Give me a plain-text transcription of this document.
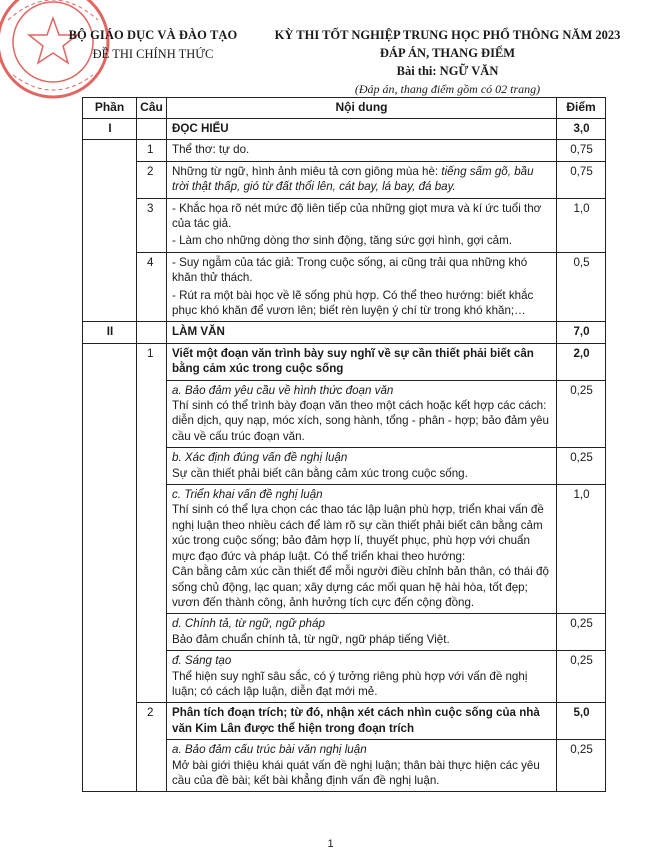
BỘ GIÁO DỤC VÀ ĐÀO TẠO
ĐỀ THI CHÍNH THỨC
KỲ THI TỐT NGHIỆP TRUNG HỌC PHỔ THÔNG NĂM 2023
ĐÁP ÁN, THANG ĐIỂM
Bài thi: NGỮ VĂN
(Đáp án, thang điểm gồm có 02 trang)
Phần	Câu	Nội dung	Điểm
I		ĐỌC HIỂU	3,0
	1	Thể thơ: tự do.	0,75
	2	Những từ ngữ, hình ảnh miêu tả cơn giông mùa hè: tiếng sấm gõ, bầu trời thật thấp, gió từ đất thổi lên, cát bay, lá bay, đá bay.	0,75
	3	- Khắc họa rõ nét mức độ liên tiếp của những giọt mưa và kí ức tuổi thơ của tác giả.
- Làm cho những dòng thơ sinh động, tăng sức gợi hình, gợi cảm.	1,0
	4	- Suy ngẫm của tác giả: Trong cuộc sống, ai cũng trải qua những khó khăn thử thách.
- Rút ra một bài học về lẽ sống phù hợp. Có thể theo hướng: biết khắc phục khó khăn để vươn lên; biết rèn luyện ý chí từ trong khó khăn;…	0,5
II		LÀM VĂN	7,0
	1	Viết một đoạn văn trình bày suy nghĩ về sự cần thiết phải biết cân bằng cảm xúc trong cuộc sống	2,0

		a. Bảo đảm yêu cầu về hình thức đoạn văn
Thí sinh có thể trình bày đoạn văn theo một cách hoặc kết hợp các cách: diễn dịch, quy nạp, móc xích, song hành, tổng - phân - hợp; bảo đảm yêu cầu về cấu trúc đoạn văn.	0,25

		b. Xác định đúng vấn đề nghị luận
Sự cần thiết phải biết cân bằng cảm xúc trong cuộc sống.	0,25

		c. Triển khai vấn đề nghị luận
Thí sinh có thể lựa chọn các thao tác lập luận phù hợp, triển khai vấn đề nghị luận theo nhiều cách để làm rõ sự cần thiết phải biết cân bằng cảm xúc trong cuộc sống; bảo đảm hợp lí, thuyết phục, phù hợp với chuẩn mực đạo đức và pháp luật. Có thể triển khai theo hướng:
Cân bằng cảm xúc cần thiết để mỗi người điều chỉnh bản thân, có thái độ sống chủ động, lạc quan; xây dựng các mối quan hệ hài hòa, tốt đẹp; vươn đến thành công, ảnh hưởng tích cực đến cộng đồng.	1,0

		d. Chính tả, từ ngữ, ngữ pháp
Bảo đảm chuẩn chính tả, từ ngữ, ngữ pháp tiếng Việt.	0,25

		đ. Sáng tạo
Thể hiện suy nghĩ sâu sắc, có ý tưởng riêng phù hợp với vấn đề nghị luận; có cách lập luận, diễn đạt mới mẻ.	0,25
	2	Phân tích đoạn trích; từ đó, nhận xét cách nhìn cuộc sống của nhà văn Kim Lân được thể hiện trong đoạn trích	5,0

		a. Bảo đảm cấu trúc bài văn nghị luận
Mở bài giới thiệu khái quát vấn đề nghị luận; thân bài thực hiện các yêu cầu của đề bài; kết bài khẳng định vấn đề nghị luận.	0,25
1
